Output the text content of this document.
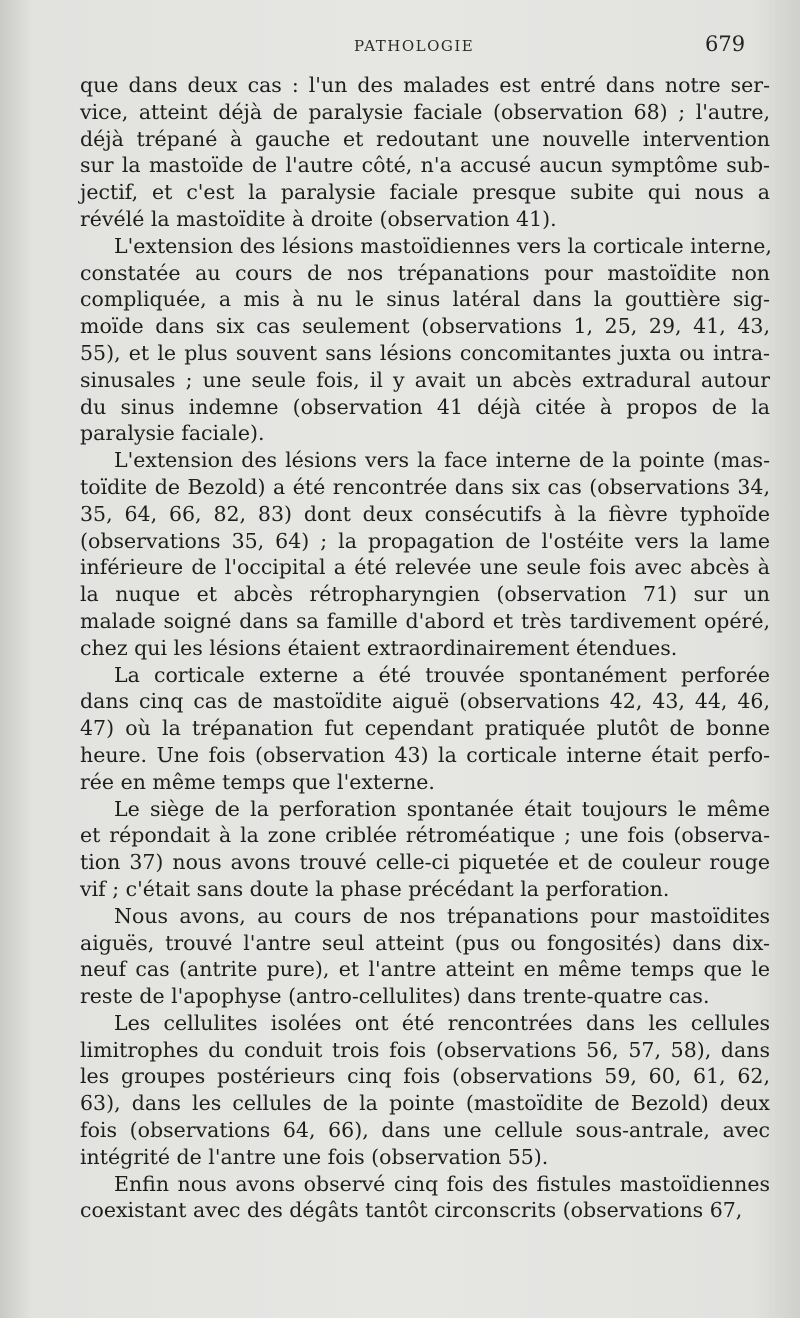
PATHOLOGIE	679

que dans deux cas : l'un des malades est entré dans notre ser-
vice, atteint déjà de paralysie faciale (observation 68) ; l'autre,
déjà trépané à gauche et redoutant une nouvelle intervention
sur la mastoïde de l'autre côté, n'a accusé aucun symptôme sub-
jectif, et c'est la paralysie faciale presque subite qui nous a
révélé la mastoïdite à droite (observation 41).

L'extension des lésions mastoïdiennes vers la corticale interne,
constatée au cours de nos trépanations pour mastoïdite non
compliquée, a mis à nu le sinus latéral dans la gouttière sig-
moïde dans six cas seulement (observations 1, 25, 29, 41, 43,
55), et le plus souvent sans lésions concomitantes juxta ou intra-
sinusales ; une seule fois, il y avait un abcès extradural autour
du sinus indemne (observation 41 déjà citée à propos de la
paralysie faciale).

L'extension des lésions vers la face interne de la pointe (mas-
toïdite de Bezold) a été rencontrée dans six cas (observations 34,
35, 64, 66, 82, 83) dont deux consécutifs à la fièvre typhoïde
(observations 35, 64) ; la propagation de l'ostéite vers la lame
inférieure de l'occipital a été relevée une seule fois avec abcès à
la nuque et abcès rétropharyngien (observation 71) sur un
malade soigné dans sa famille d'abord et très tardivement opéré,
chez qui les lésions étaient extraordinairement étendues.

La corticale externe a été trouvée spontanément perforée
dans cinq cas de mastoïdite aiguë (observations 42, 43, 44, 46,
47) où la trépanation fut cependant pratiquée plutôt de bonne
heure. Une fois (observation 43) la corticale interne était perfo-
rée en même temps que l'externe.

Le siège de la perforation spontanée était toujours le même
et répondait à la zone criblée rétroméatique ; une fois (observa-
tion 37) nous avons trouvé celle-ci piquetée et de couleur rouge
vif ; c'était sans doute la phase précédant la perforation.

Nous avons, au cours de nos trépanations pour mastoïdites
aiguës, trouvé l'antre seul atteint (pus ou fongosités) dans dix-
neuf cas (antrite pure), et l'antre atteint en même temps que le
reste de l'apophyse (antro-cellulites) dans trente-quatre cas.

Les cellulites isolées ont été rencontrées dans les cellules
limitrophes du conduit trois fois (observations 56, 57, 58), dans
les groupes postérieurs cinq fois (observations 59, 60, 61, 62,
63), dans les cellules de la pointe (mastoïdite de Bezold) deux
fois (observations 64, 66), dans une cellule sous-antrale, avec
intégrité de l'antre une fois (observation 55).

Enfin nous avons observé cinq fois des fistules mastoïdiennes
coexistant avec des dégâts tantôt circonscrits (observations 67,
